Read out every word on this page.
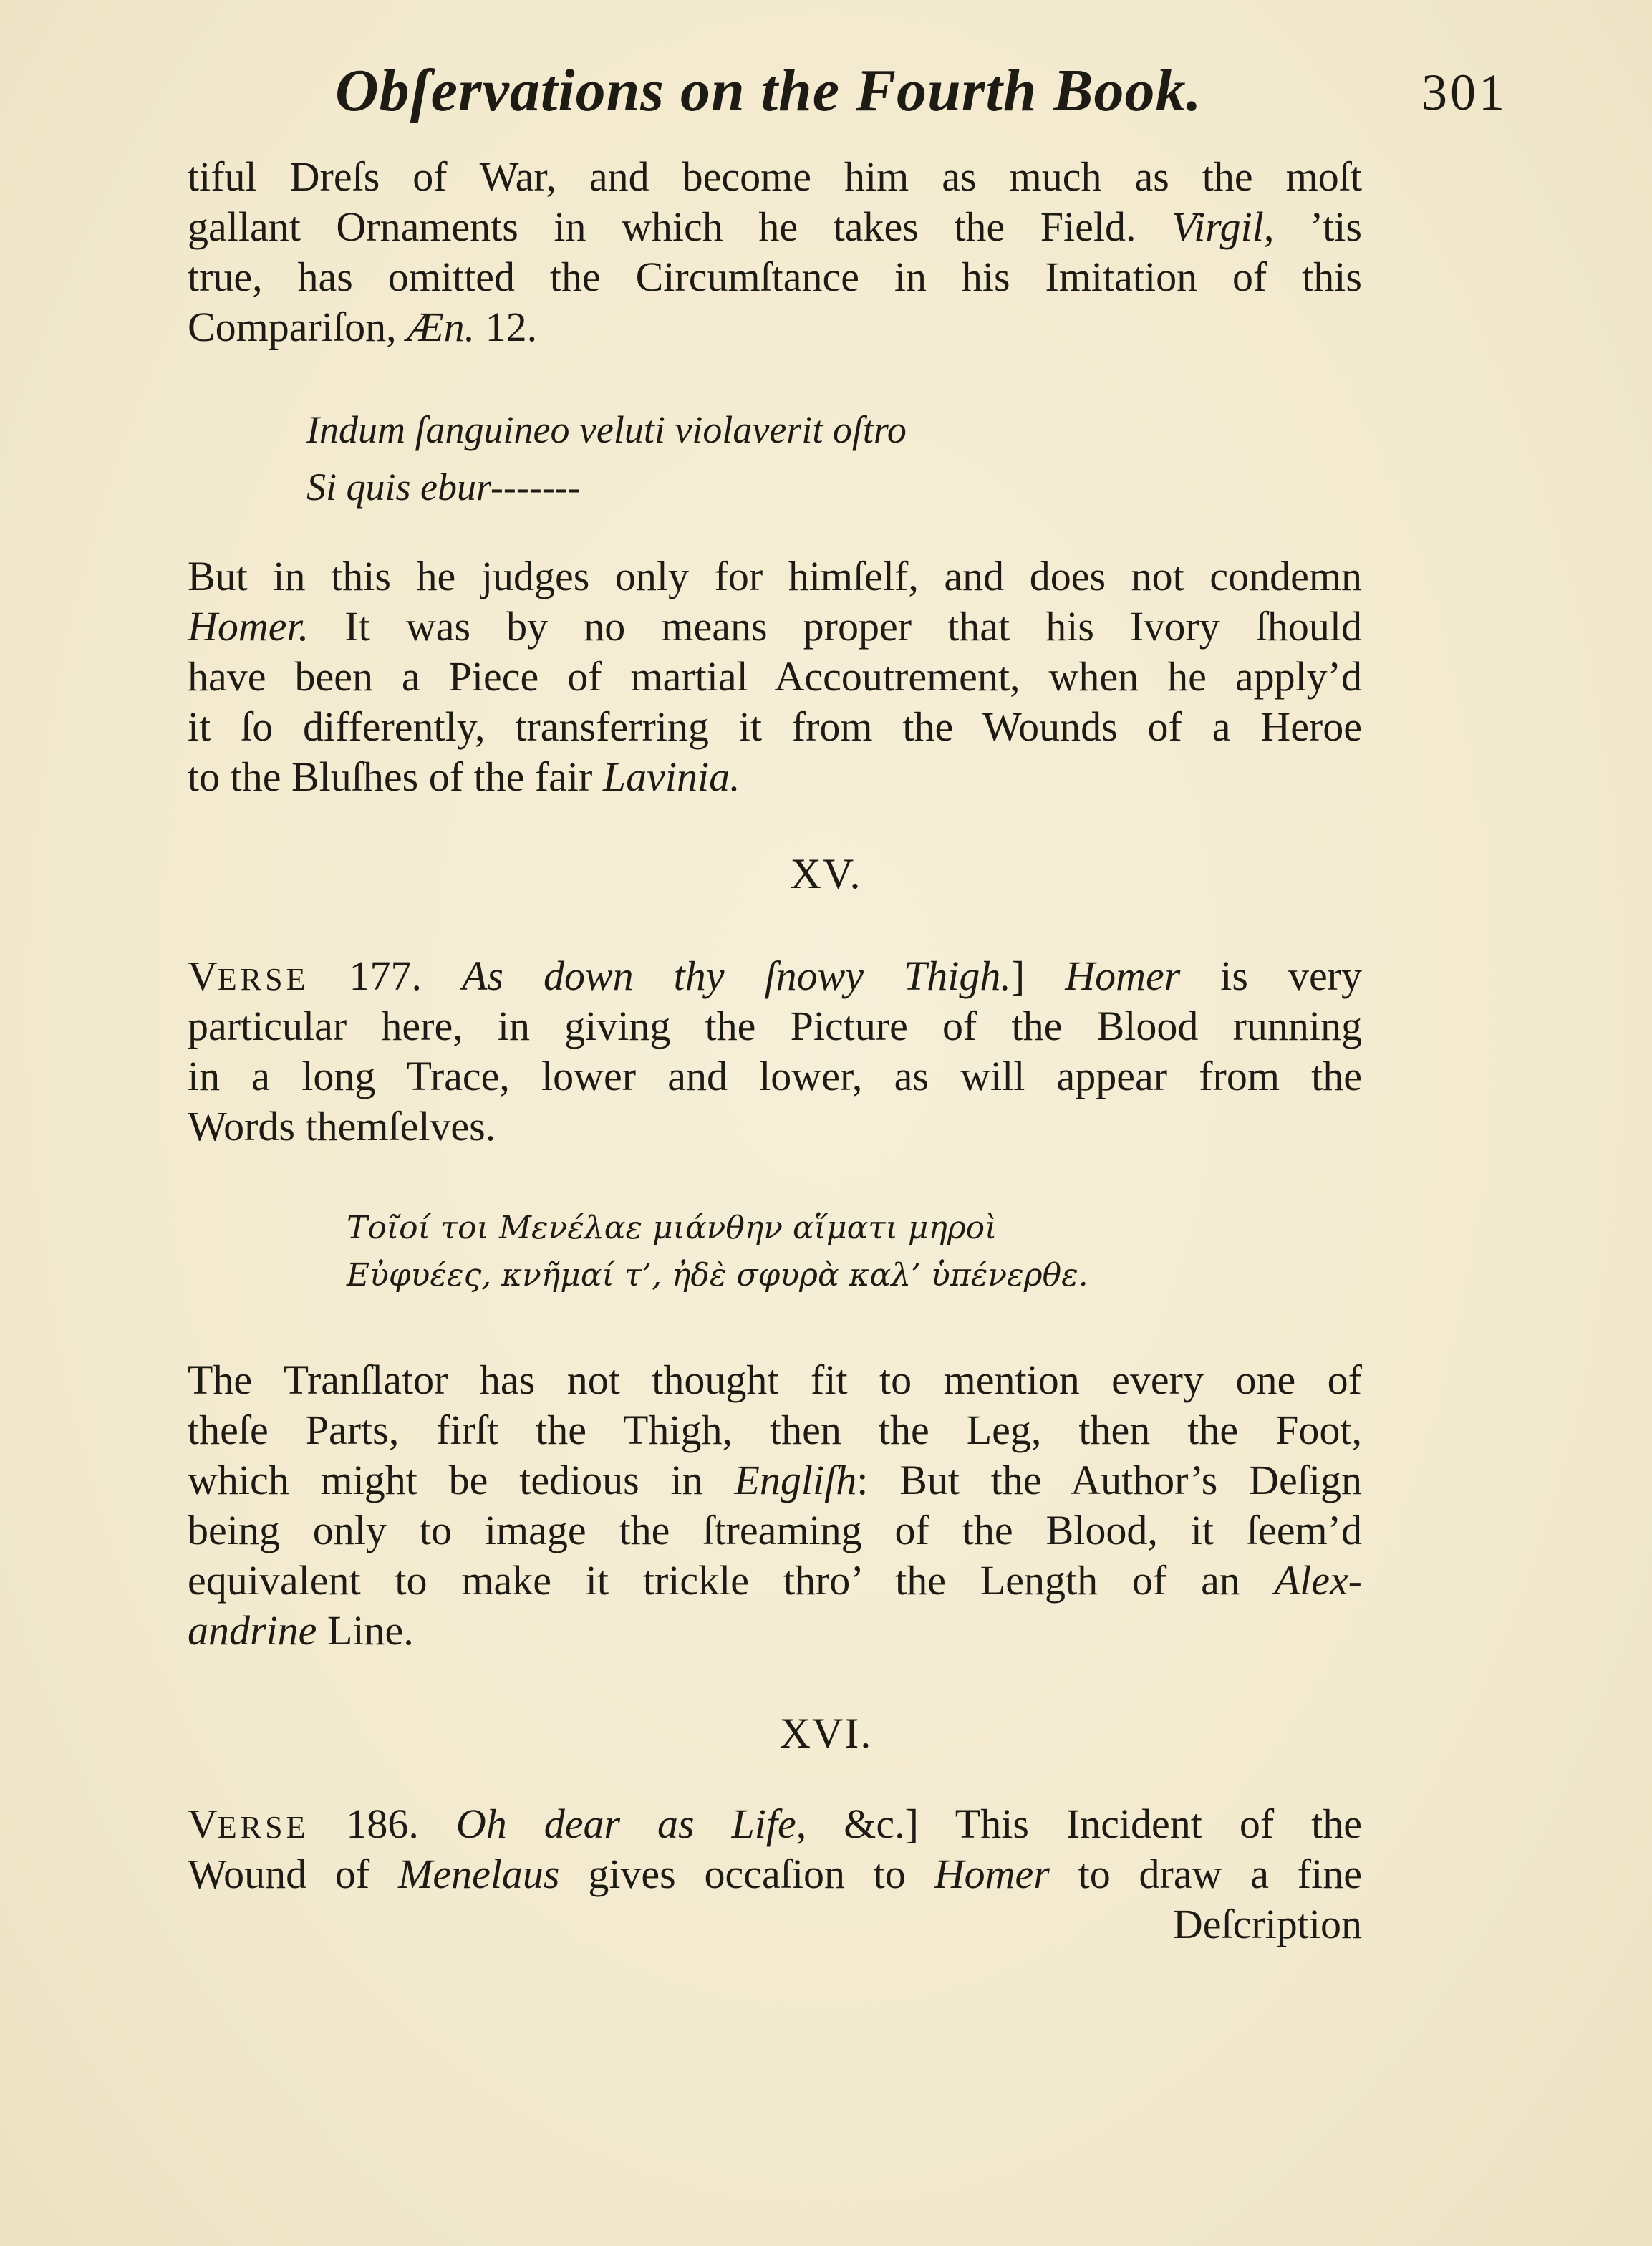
Obſervations on the Fourth Book.	301
tiful Dreſs of War, and become him as much as the moſt
gallant Ornaments in which he takes the Field. Virgil, ’tis
true, has omitted the Circumſtance in his Imitation of this
Compariſon, Æn. 12.
Indum ſanguineo veluti violaverit oſtro
Si quis ebur-------
But in this he judges only for himſelf, and does not condemn
Homer. It was by no means proper that his Ivory ſhould
have been a Piece of martial Accoutrement, when he apply’d
it ſo differently, transferring it from the Wounds of a Heroe
to the Bluſhes of the fair Lavinia.
XV.
VERSE 177. As down thy ſnowy Thigh.] Homer is very
particular here, in giving the Picture of the Blood running
in a long Trace, lower and lower, as will appear from the
Words themſelves.
Τοῖοί τοι Μενέλαε μιάνθην αἵματι μηροὶ
Εὐφυέες, κνῆμαί τ’, ἠδὲ σφυρὰ καλ’ ὑπένερθε.
The Tranſlator has not thought fit to mention every one of
theſe Parts, firſt the Thigh, then the Leg, then the Foot,
which might be tedious in Engliſh: But the Author’s Deſign
being only to image the ſtreaming of the Blood, it ſeem’d
equivalent to make it trickle thro’ the Length of an Alex-
andrine Line.
XVI.
VERSE 186. Oh dear as Life, &c.] This Incident of the
Wound of Menelaus gives occaſion to Homer to draw a fine
Deſcription
